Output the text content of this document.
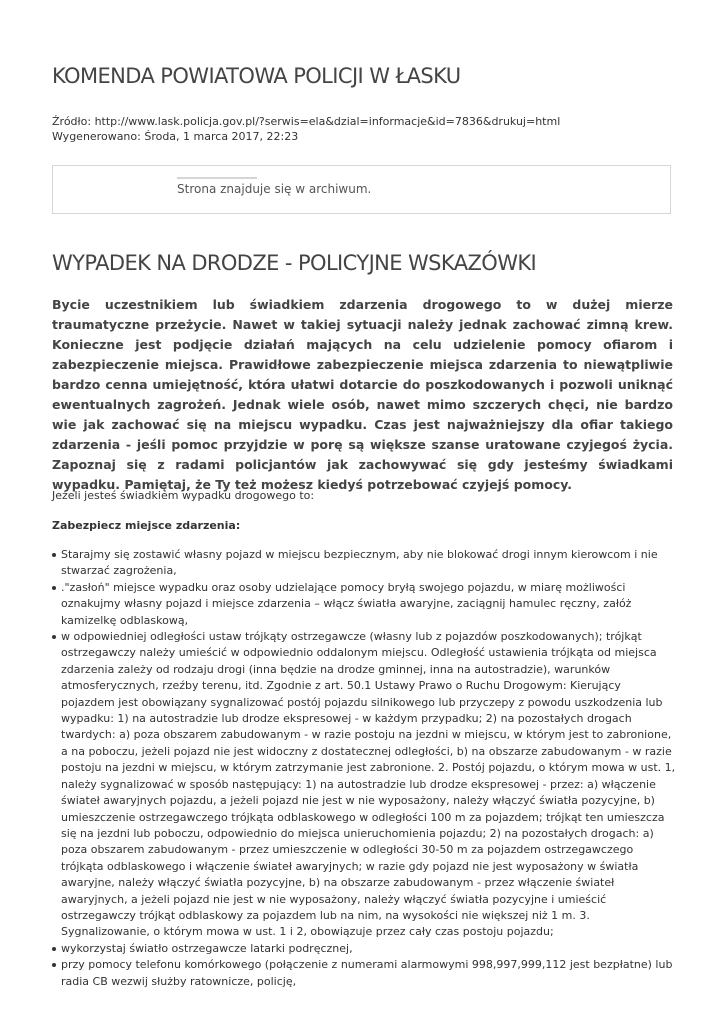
KOMENDA POWIATOWA POLICJI W ŁASKU
Źródło: http://www.lask.policja.gov.pl/?serwis=ela&dzial=informacje&id=7836&drukuj=html
Wygenerowano: Środa, 1 marca 2017, 22:23
Strona znajduje się w archiwum.
WYPADEK NA DRODZE - POLICYJNE WSKAZÓWKI

Bycie uczestnikiem lub świadkiem zdarzenia drogowego to w dużej mierze traumatyczne przeżycie. Nawet w takiej sytuacji należy jednak zachować zimną krew. Konieczne jest podjęcie działań mających na celu udzielenie pomocy ofiarom i zabezpieczenie miejsca. Prawidłowe zabezpieczenie miejsca zdarzenia to niewątpliwie bardzo cenna umiejętność, która ułatwi dotarcie do poszkodowanych i pozwoli uniknąć ewentualnych zagrożeń. Jednak wiele osób, nawet mimo szczerych chęci, nie bardzo wie jak zachować się na miejscu wypadku. Czas jest najważniejszy dla ofiar takiego zdarzenia - jeśli pomoc przyjdzie w porę są większe szanse uratowane czyjegoś życia. Zapoznaj się z radami policjantów jak zachowywać się gdy jesteśmy świadkami wypadku. Pamiętaj, że Ty też możesz kiedyś potrzebować czyjejś pomocy.

Jeżeli jesteś świadkiem wypadku drogowego to:

Zabezpiecz miejsce zdarzenia:

Starajmy się zostawić własny pojazd w miejscu bezpiecznym, aby nie blokować drogi innym kierowcom i nie stwarzać zagrożenia,
."zasłoń" miejsce wypadku oraz osoby udzielające pomocy bryłą swojego pojazdu, w miarę możliwości oznakujmy własny pojazd i miejsce zdarzenia – włącz światła awaryjne, zaciągnij hamulec ręczny, załóż kamizelkę odblaskową,
w odpowiedniej odległości ustaw trójkąty ostrzegawcze (własny lub z pojazdów poszkodowanych); trójkąt ostrzegawczy należy umieścić w odpowiednio oddalonym miejscu. Odległość ustawienia trójkąta od miejsca zdarzenia zależy od rodzaju drogi (inna będzie na drodze gminnej, inna na autostradzie), warunków atmosferycznych, rzeźby terenu, itd. Zgodnie z art. 50.1 Ustawy Prawo o Ruchu Drogowym: Kierujący pojazdem jest obowiązany sygnalizować postój pojazdu silnikowego lub przyczepy z powodu uszkodzenia lub wypadku: 1) na autostradzie lub drodze ekspresowej - w każdym przypadku; 2) na pozostałych drogach twardych: a) poza obszarem zabudowanym - w razie postoju na jezdni w miejscu, w którym jest to zabronione, a na poboczu, jeżeli pojazd nie jest widoczny z dostatecznej odległości, b) na obszarze zabudowanym - w razie postoju na jezdni w miejscu, w którym zatrzymanie jest zabronione. 2. Postój pojazdu, o którym mowa w ust. 1, należy sygnalizować w sposób następujący: 1) na autostradzie lub drodze ekspresowej - przez: a) włączenie świateł awaryjnych pojazdu, a jeżeli pojazd nie jest w nie wyposażony, należy włączyć światła pozycyjne, b) umieszczenie ostrzegawczego trójkąta odblaskowego w odległości 100 m za pojazdem; trójkąt ten umieszcza się na jezdni lub poboczu, odpowiednio do miejsca unieruchomienia pojazdu; 2) na pozostałych drogach: a) poza obszarem zabudowanym - przez umieszczenie w odległości 30-50 m za pojazdem ostrzegawczego trójkąta odblaskowego i włączenie świateł awaryjnych; w razie gdy pojazd nie jest wyposażony w światła awaryjne, należy włączyć światła pozycyjne, b) na obszarze zabudowanym - przez włączenie świateł awaryjnych, a jeżeli pojazd nie jest w nie wyposażony, należy włączyć światła pozycyjne i umieścić ostrzegawczy trójkąt odblaskowy za pojazdem lub na nim, na wysokości nie większej niż 1 m. 3. Sygnalizowanie, o którym mowa w ust. 1 i 2, obowiązuje przez cały czas postoju pojazdu;
wykorzystaj światło ostrzegawcze latarki podręcznej,
przy pomocy telefonu komórkowego (połączenie z numerami alarmowymi 998,997,999,112 jest bezpłatne) lub radia CB wezwij służby ratownicze, policję,
